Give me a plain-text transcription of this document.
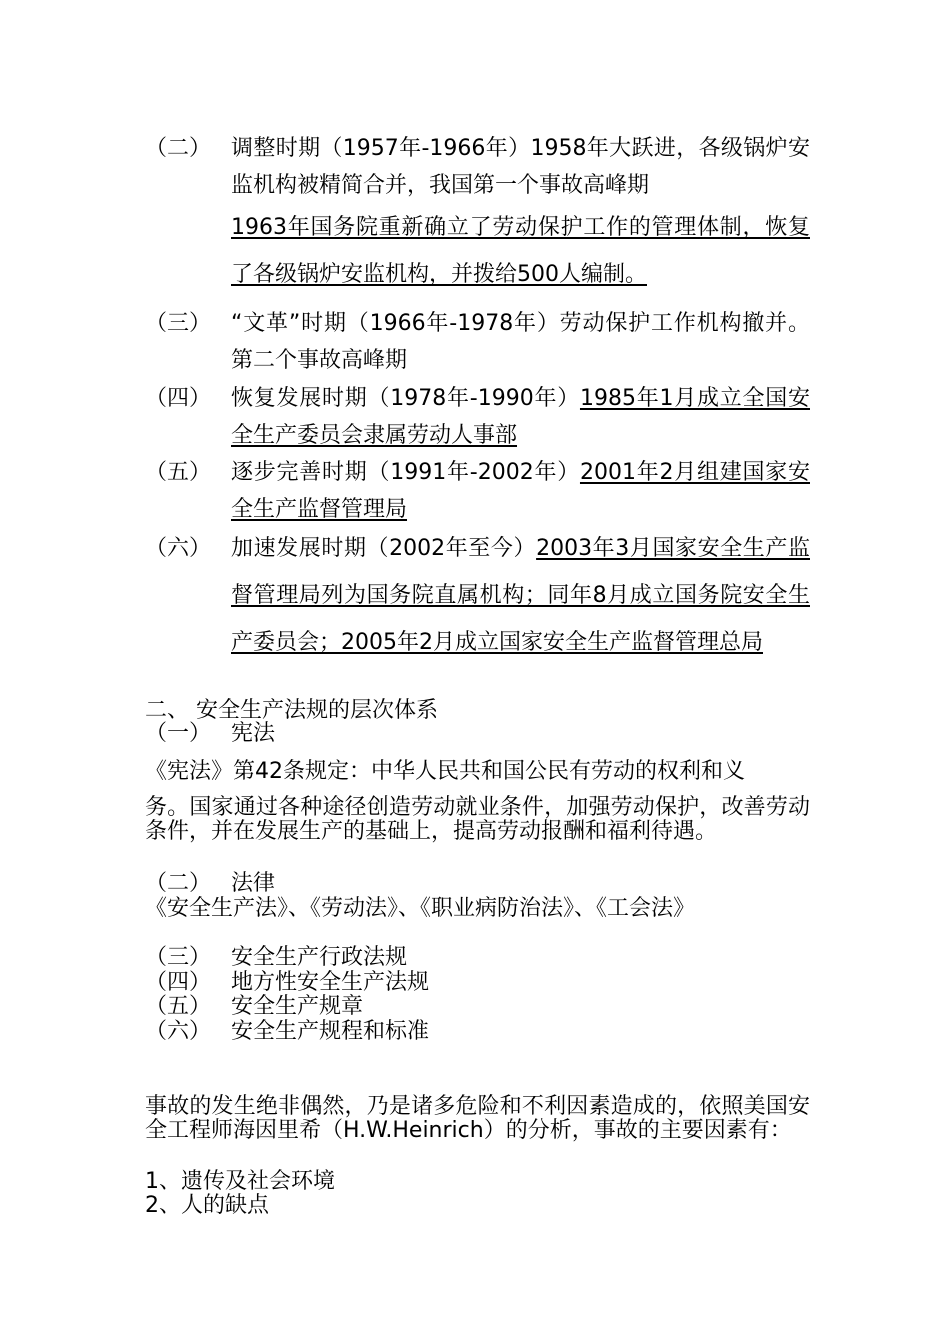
（二） 调整时期（1957年-1966年）1958年大跃进，各级锅炉安监机构被精简合并，我国第一个事故高峰期
1963年国务院重新确立了劳动保护工作的管理体制，恢复了各级锅炉安监机构，并拨给500人编制。
（三） “文革”时期（1966年-1978年）劳动保护工作机构撤并。第二个事故高峰期
（四） 恢复发展时期（1978年-1990年）1985年1月成立全国安全生产委员会隶属劳动人事部
（五） 逐步完善时期（1991年-2002年）2001年2月组建国家安全生产监督管理局
（六） 加速发展时期（2002年至今）2003年3月国家安全生产监督管理局列为国务院直属机构；同年8月成立国务院安全生产委员会；2005年2月成立国家安全生产监督管理总局
二、 安全生产法规的层次体系
（一） 宪法
《宪法》第42条规定：中华人民共和国公民有劳动的权利和义
务。国家通过各种途径创造劳动就业条件，加强劳动保护，改善劳动条件，并在发展生产的基础上，提高劳动报酬和福利待遇。
（二） 法律
《安全生产法》、《劳动法》、《职业病防治法》、《工会法》
（三） 安全生产行政法规
（四） 地方性安全生产法规
（五） 安全生产规章
（六） 安全生产规程和标准
事故的发生绝非偶然，乃是诸多危险和不利因素造成的，依照美国安全工程师海因里希（H.W.Heinrich）的分析，事故的主要因素有：
1、遗传及社会环境
2、人的缺点
